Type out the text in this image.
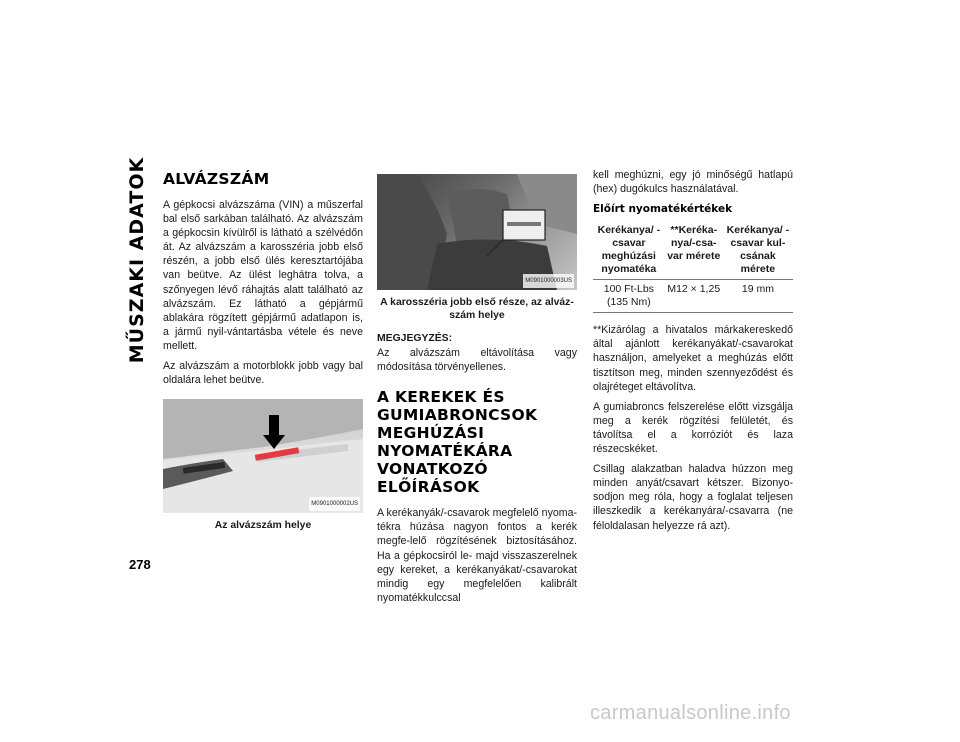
MŰSZAKI ADATOK ALVÁZSZÁM

A gépkocsi alvázszáma (VIN) a műszerfal bal első sarkában található. Az alvázszám a gépkocsin kívülről is látható a szélvédőn át. Az alvázszám a karosszéria jobb első részén, a jobb első ülés keresztartójába van beütve. Az ülést leghátra tolva, a szőnyegen lévő ráhajtás alatt található az alvázszám. Ez látható a gépjármű ablakára rögzített gépjármű adatlapon is, a jármű nyil-vántartásba vétele és neve mellett.

Az alvázszám a motorblokk jobb vagy bal oldalára lehet beütve.

M0901000002US
Az alvázszám helye
M0901000003US
A karosszéria jobb első része, az alváz-szám helye
MEGJEGYZÉS:

Az alvázszám eltávolítása vagy módosítása törvényellenes.

A KEREKEK ÉS GUMIABRONCSOK MEGHÚZÁSI NYOMATÉKÁRA VONATKOZÓ ELŐÍRÁSOK

A kerékanyák/-csavarok megfelelő nyoma-tékra húzása nagyon fontos a kerék megfe-lelő rögzítésének biztosításához. Ha a gépkocsiról le- majd visszaszerelnek egy kereket, a kerékanyákat/-csavarokat mindig egy megfelelően kalibrált nyomatékkulccsal

kell meghúzni, egy jó minőségű hatlapú (hex) dugókulcs használatával.

Előírt nyomatékértékek
Kerékanya/ -csavar meghúzási nyomatéka	**Keréka-nya/-csa-var mérete	Kerékanya/ -csavar kul-csának mérete
100 Ft-Lbs (135 Nm)	M12 × 1,25	19 mm

**Kizárólag a hivatalos márkakereskedő által ajánlott kerékanyákat/-csavarokat használjon, amelyeket a meghúzás előtt tisztítson meg, minden szennyeződést és olajréteget eltávolítva.

A gumiabroncs felszerelése előtt vizsgálja meg a kerék rögzítési felületét, és távolítsa el a korróziót és laza részecskéket.

Csillag alakzatban haladva húzzon meg minden anyát/csavart kétszer. Bizonyo-sodjon meg róla, hogy a foglalat teljesen illeszkedik a kerékanyára/-csavarra (ne féloldalasan helyezze rá azt).

278
carmanualsonline.info
